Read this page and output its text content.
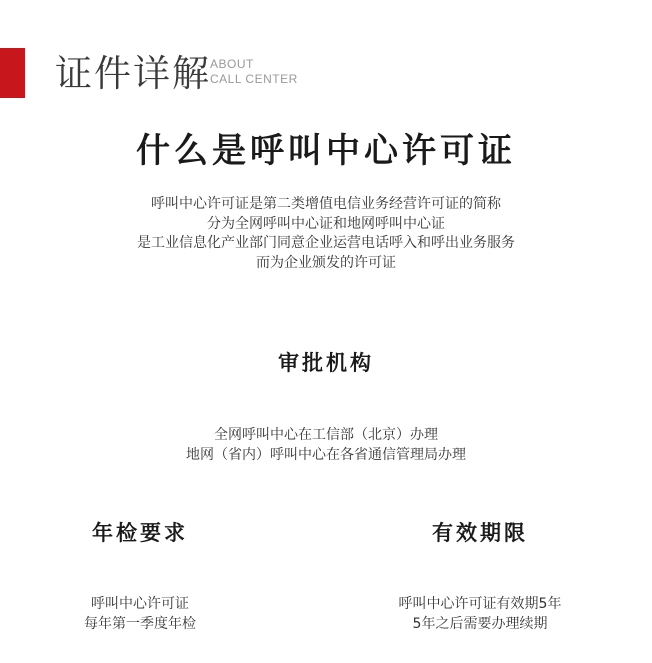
证件详解 ABOUT
CALL CENTER
什么是呼叫中心许可证
呼叫中心许可证是第二类增值电信业务经营许可证的简称
分为全网呼叫中心证和地网呼叫中心证
是工业信息化产业部门同意企业运营电话呼入和呼出业务服务
而为企业颁发的许可证
审批机构
全网呼叫中心在工信部（北京）办理
地网（省内）呼叫中心在各省通信管理局办理
年检要求
呼叫中心许可证
每年第一季度年检
有效期限
呼叫中心许可证有效期5年
5年之后需要办理续期
